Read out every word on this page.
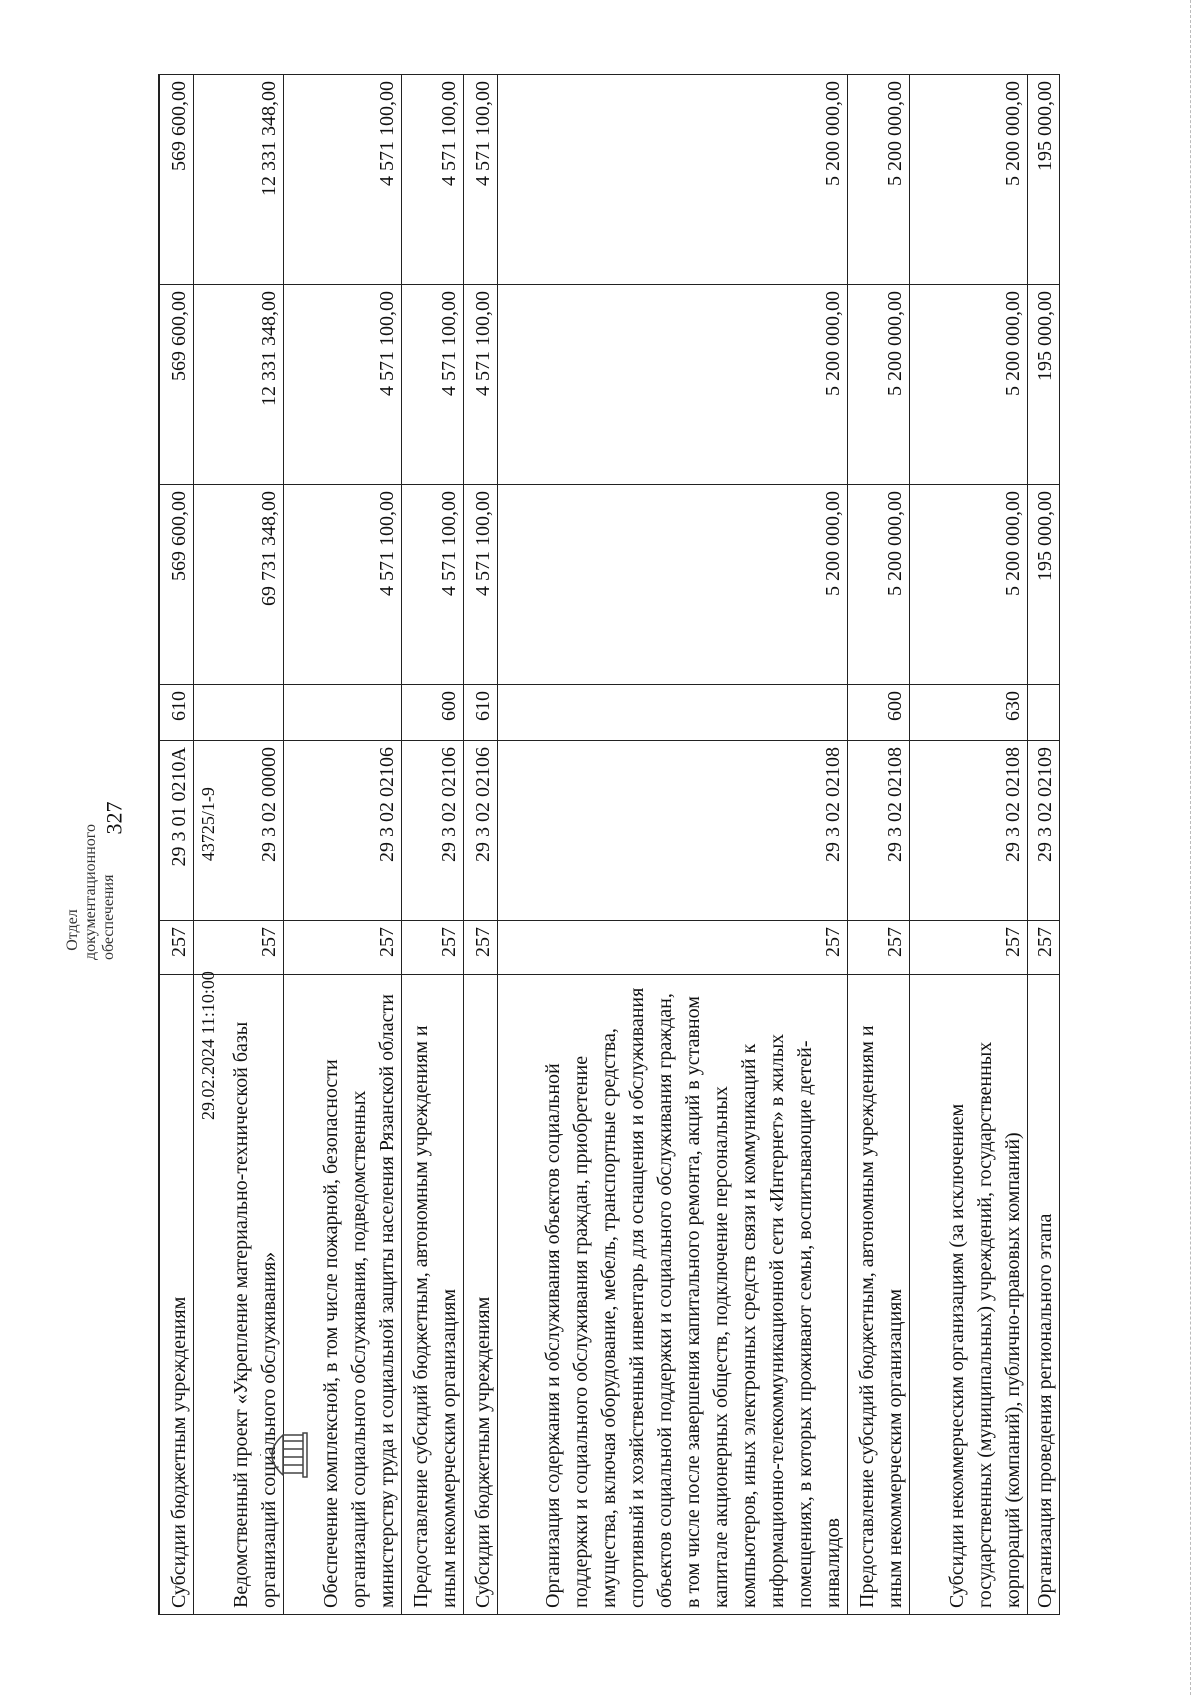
327
Субсидии бюджетным учреждениям	257	29 3 01 0210А	610	569 600,00	569 600,00	569 600,00
Ведомственный проект «Укрепление материально-технической базы организаций социального обслуживания»	257	29 3 02 00000		69 731 348,00	12 331 348,00	12 331 348,00
Обеспечение комплексной, в том числе пожарной, безопасности организаций социального обслуживания, подведомственных министерству труда и социальной защиты населения Рязанской области	257	29 3 02 02106		4 571 100,00	4 571 100,00	4 571 100,00
Предоставление субсидий бюджетным, автономным учреждениям и иным некоммерческим организациям	257	29 3 02 02106	600	4 571 100,00	4 571 100,00	4 571 100,00
Субсидии бюджетным учреждениям	257	29 3 02 02106	610	4 571 100,00	4 571 100,00	4 571 100,00
Организация содержания и обслуживания объектов социальной поддержки и социального обслуживания граждан, приобретение имущества, включая оборудование, мебель, транспортные средства, спортивный и хозяйственный инвентарь для оснащения и обслуживания объектов социальной поддержки и социального обслуживания граждан, в том числе после завершения капитального ремонта, акций в уставном капитале акционерных обществ, подключение персональных компьютеров, иных электронных средств связи и коммуникаций к информационно-телекоммуникационной сети «Интернет» в жилых помещениях, в которых проживают семьи, воспитывающие детей-инвалидов	257	29 3 02 02108		5 200 000,00	5 200 000,00	5 200 000,00
Предоставление субсидий бюджетным, автономным учреждениям и иным некоммерческим организациям	257	29 3 02 02108	600	5 200 000,00	5 200 000,00	5 200 000,00
Субсидии некоммерческим организациям (за исключением государственных (муниципальных) учреждений, государственных корпораций (компаний), публично-правовых компаний)	257	29 3 02 02108	630	5 200 000,00	5 200 000,00	5 200 000,00
Организация проведения регионального этапа	257	29 3 02 02109		195 000,00	195 000,00	195 000,00
Отдел документационного обеспечения
29.02.2024 11:10:00
43725/1-9
